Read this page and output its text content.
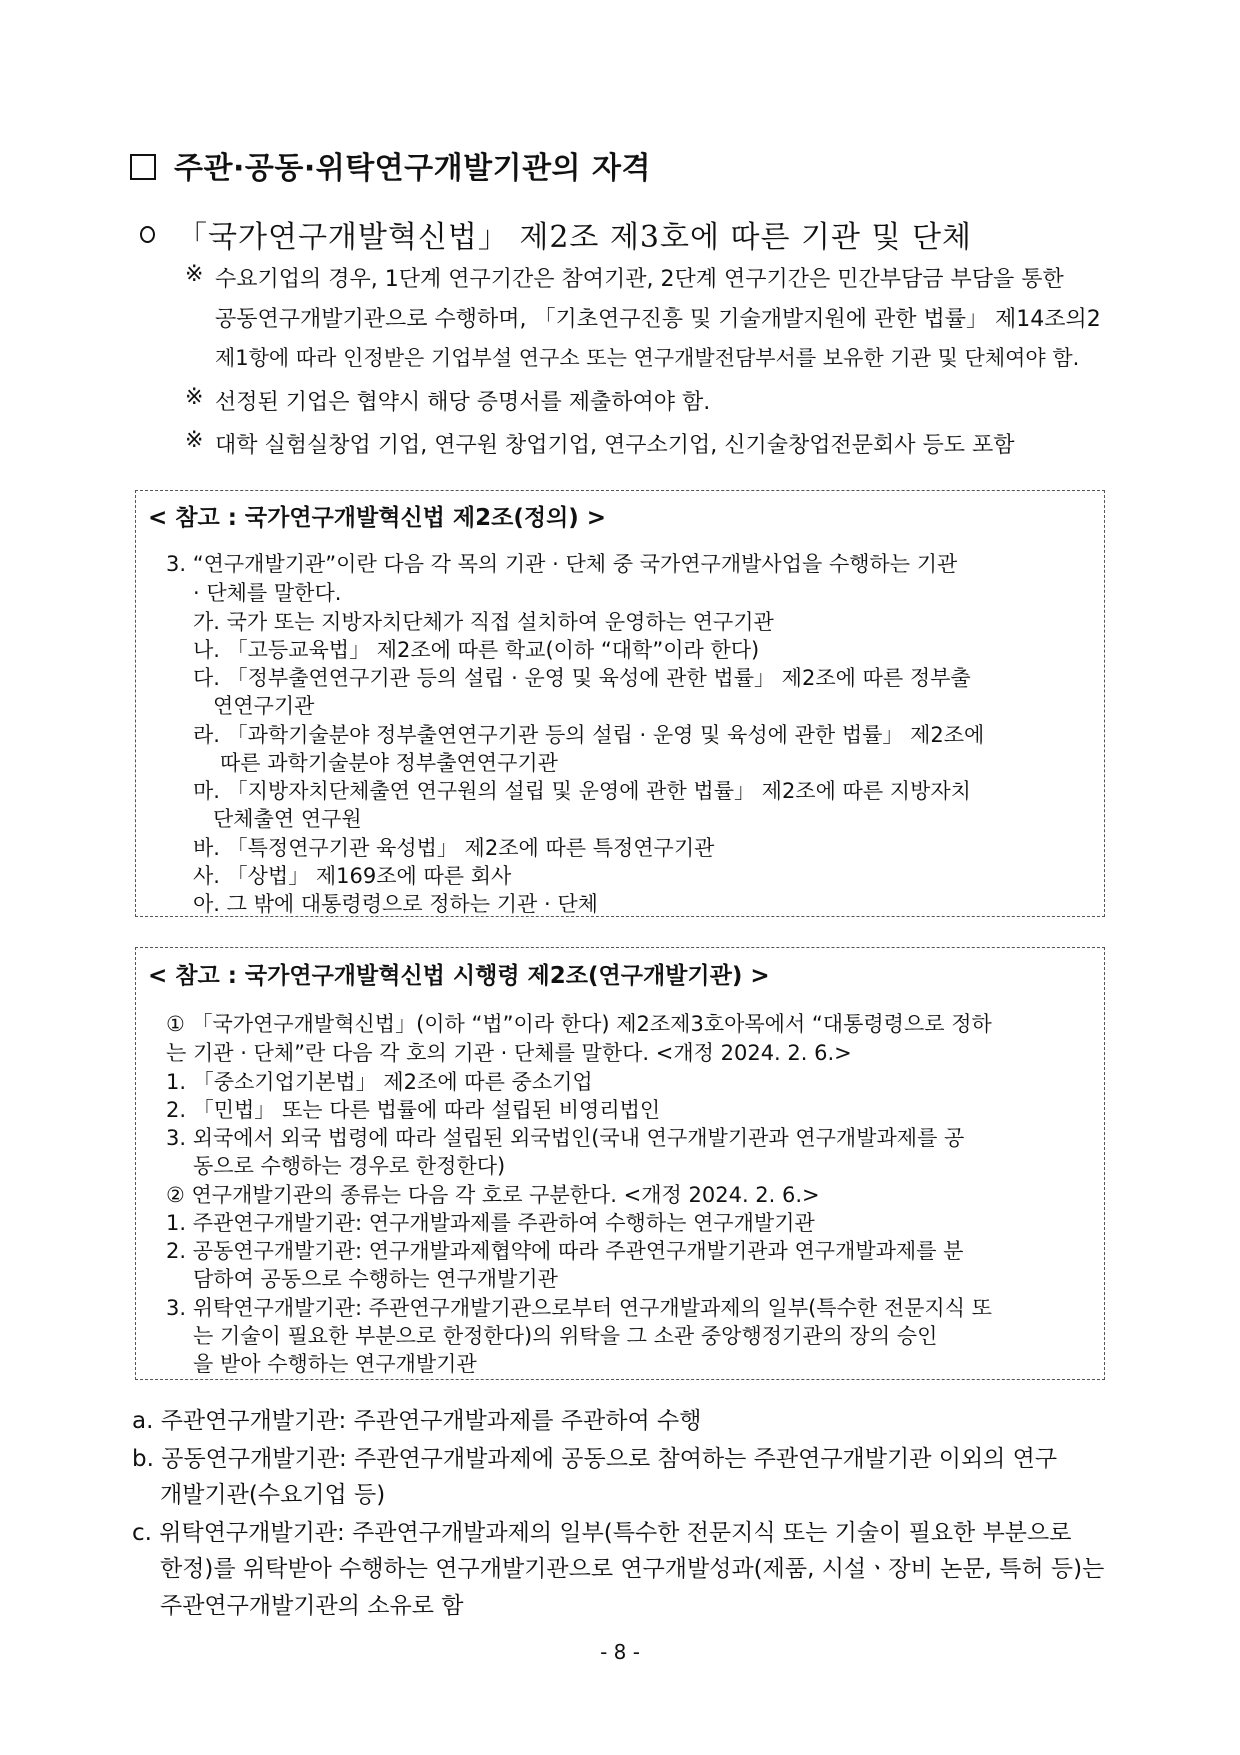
주관·공동·위탁연구개발기관의 자격
「국가연구개발혁신법」 제2조 제3호에 따른 기관 및 단체
※ 수요기업의 경우, 1단계 연구기간은 참여기관, 2단계 연구기간은 민간부담금 부담을 통한
공동연구개발기관으로 수행하며, 「기초연구진흥 및 기술개발지원에 관한 법률」 제14조의2
제1항에 따라 인정받은 기업부설 연구소 또는 연구개발전담부서를 보유한 기관 및 단체여야 함.
※ 선정된 기업은 협약시 해당 증명서를 제출하여야 함.
※ 대학 실험실창업 기업, 연구원 창업기업, 연구소기업, 신기술창업전문회사 등도 포함
< 참고 : 국가연구개발혁신법 제2조(정의) >
3. “연구개발기관”이란 다음 각 목의 기관 · 단체 중 국가연구개발사업을 수행하는 기관
· 단체를 말한다.
가. 국가 또는 지방자치단체가 직접 설치하여 운영하는 연구기관
나. 「고등교육법」 제2조에 따른 학교(이하 “대학”이라 한다)
다. 「정부출연연구기관 등의 설립 · 운영 및 육성에 관한 법률」 제2조에 따른 정부출
연연구기관
라. 「과학기술분야 정부출연연구기관 등의 설립 · 운영 및 육성에 관한 법률」 제2조에
따른 과학기술분야 정부출연연구기관
마. 「지방자치단체출연 연구원의 설립 및 운영에 관한 법률」 제2조에 따른 지방자치
단체출연 연구원
바. 「특정연구기관 육성법」 제2조에 따른 특정연구기관
사. 「상법」 제169조에 따른 회사
아. 그 밖에 대통령령으로 정하는 기관 · 단체
< 참고 : 국가연구개발혁신법 시행령 제2조(연구개발기관) >
① 「국가연구개발혁신법」(이하 “법”이라 한다) 제2조제3호아목에서 “대통령령으로 정하
는 기관 · 단체”란 다음 각 호의 기관 · 단체를 말한다. <개정 2024. 2. 6.>
1. 「중소기업기본법」 제2조에 따른 중소기업
2. 「민법」 또는 다른 법률에 따라 설립된 비영리법인
3. 외국에서 외국 법령에 따라 설립된 외국법인(국내 연구개발기관과 연구개발과제를 공
동으로 수행하는 경우로 한정한다)
② 연구개발기관의 종류는 다음 각 호로 구분한다. <개정 2024. 2. 6.>
1. 주관연구개발기관: 연구개발과제를 주관하여 수행하는 연구개발기관
2. 공동연구개발기관: 연구개발과제협약에 따라 주관연구개발기관과 연구개발과제를 분
담하여 공동으로 수행하는 연구개발기관
3. 위탁연구개발기관: 주관연구개발기관으로부터 연구개발과제의 일부(특수한 전문지식 또
는 기술이 필요한 부분으로 한정한다)의 위탁을 그 소관 중앙행정기관의 장의 승인
을 받아 수행하는 연구개발기관
a. 주관연구개발기관: 주관연구개발과제를 주관하여 수행
b. 공동연구개발기관: 주관연구개발과제에 공동으로 참여하는 주관연구개발기관 이외의 연구
개발기관(수요기업 등)
c. 위탁연구개발기관: 주관연구개발과제의 일부(특수한 전문지식 또는 기술이 필요한 부분으로
한정)를 위탁받아 수행하는 연구개발기관으로 연구개발성과(제품, 시설ㆍ장비 논문, 특허 등)는
주관연구개발기관의 소유로 함
- 8 -
